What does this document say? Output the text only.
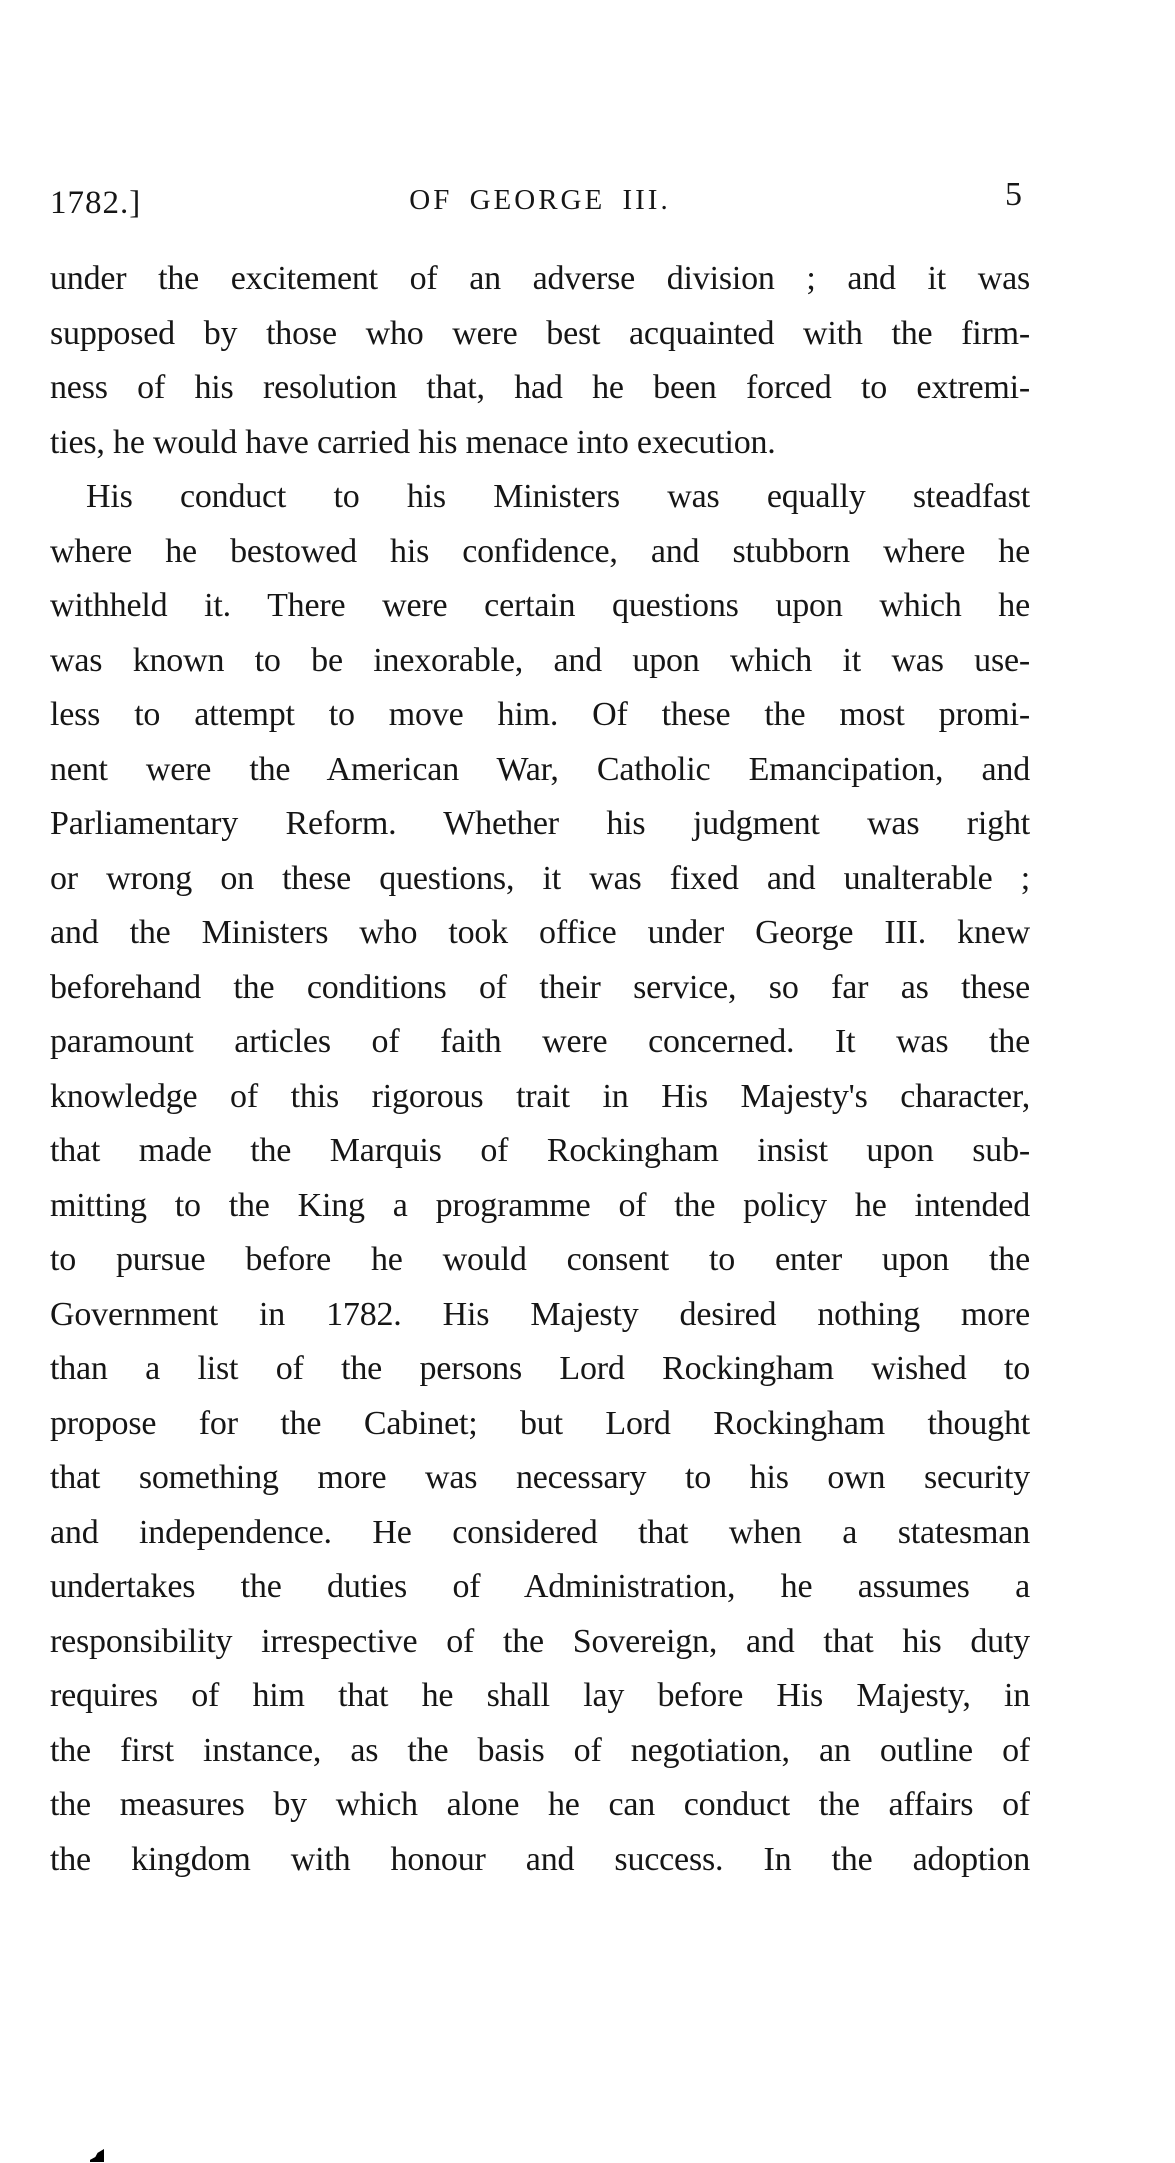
1782.]	OF GEORGE III.	5
under the excitement of an adverse division ; and it was
supposed by those who were best acquainted with the firm-
ness of his resolution that, had he been forced to extremi-
ties, he would have carried his menace into execution.
His conduct to his Ministers was equally steadfast
where he bestowed his confidence, and stubborn where he
withheld it. There were certain questions upon which he
was known to be inexorable, and upon which it was use-
less to attempt to move him. Of these the most promi-
nent were the American War, Catholic Emancipation, and
Parliamentary Reform. Whether his judgment was right
or wrong on these questions, it was fixed and unalterable ;
and the Ministers who took office under George III. knew
beforehand the conditions of their service, so far as these
paramount articles of faith were concerned. It was the
knowledge of this rigorous trait in His Majesty's character,
that made the Marquis of Rockingham insist upon sub-
mitting to the King a programme of the policy he intended
to pursue before he would consent to enter upon the
Government in 1782. His Majesty desired nothing more
than a list of the persons Lord Rockingham wished to
propose for the Cabinet; but Lord Rockingham thought
that something more was necessary to his own security
and independence. He considered that when a statesman
undertakes the duties of Administration, he assumes a
responsibility irrespective of the Sovereign, and that his duty
requires of him that he shall lay before His Majesty, in
the first instance, as the basis of negotiation, an outline of
the measures by which alone he can conduct the affairs of
the kingdom with honour and success. In the adoption
